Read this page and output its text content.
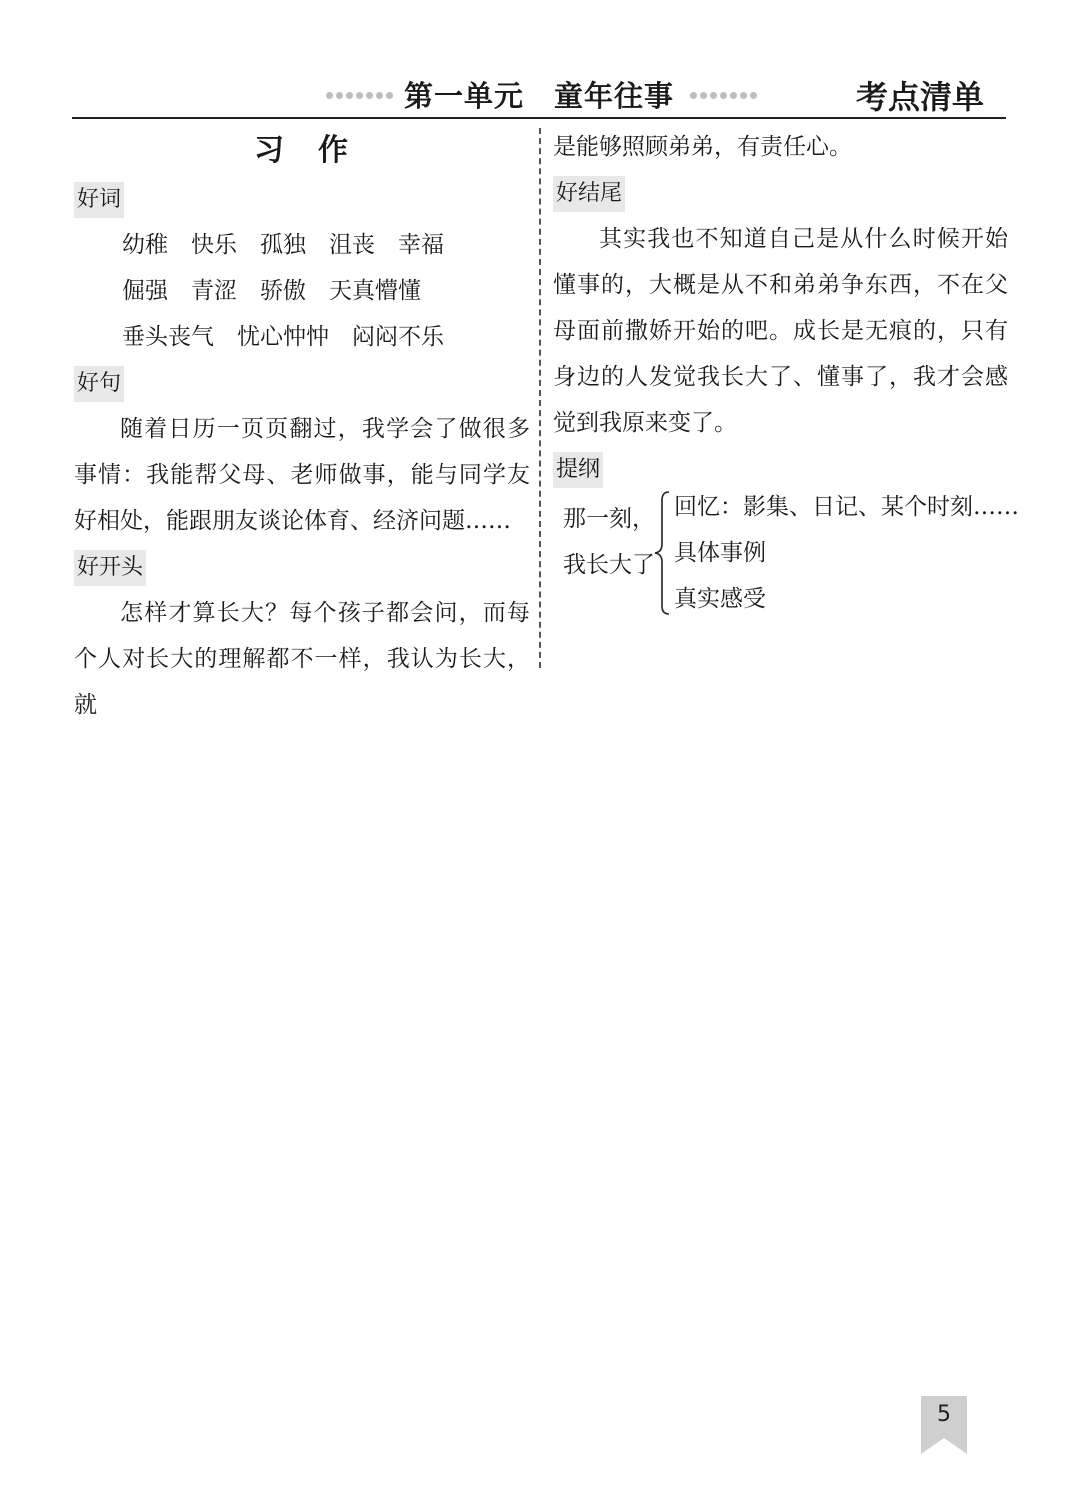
第一单元　童年往事	考点清单
习　作
好词
幼稚　快乐　孤独　沮丧　幸福
倔强　青涩　骄傲　天真懵懂
垂头丧气　忧心忡忡　闷闷不乐
好句

随着日历一页页翻过，我学会了做很多事情：我能帮父母、老师做事，能与同学友好相处，能跟朋友谈论体育、经济问题……

好开头

怎样才算长大？每个孩子都会问，而每个人对长大的理解都不一样，我认为长大，就

是能够照顾弟弟，有责任心。

好结尾

其实我也不知道自己是从什么时候开始懂事的，大概是从不和弟弟争东西，不在父母面前撒娇开始的吧。成长是无痕的，只有身边的人发觉我长大了、懂事了，我才会感觉到我原来变了。

提纲
那一刻，
我长大了
回忆：影集、日记、某个时刻……
具体事例
真实感受
5
